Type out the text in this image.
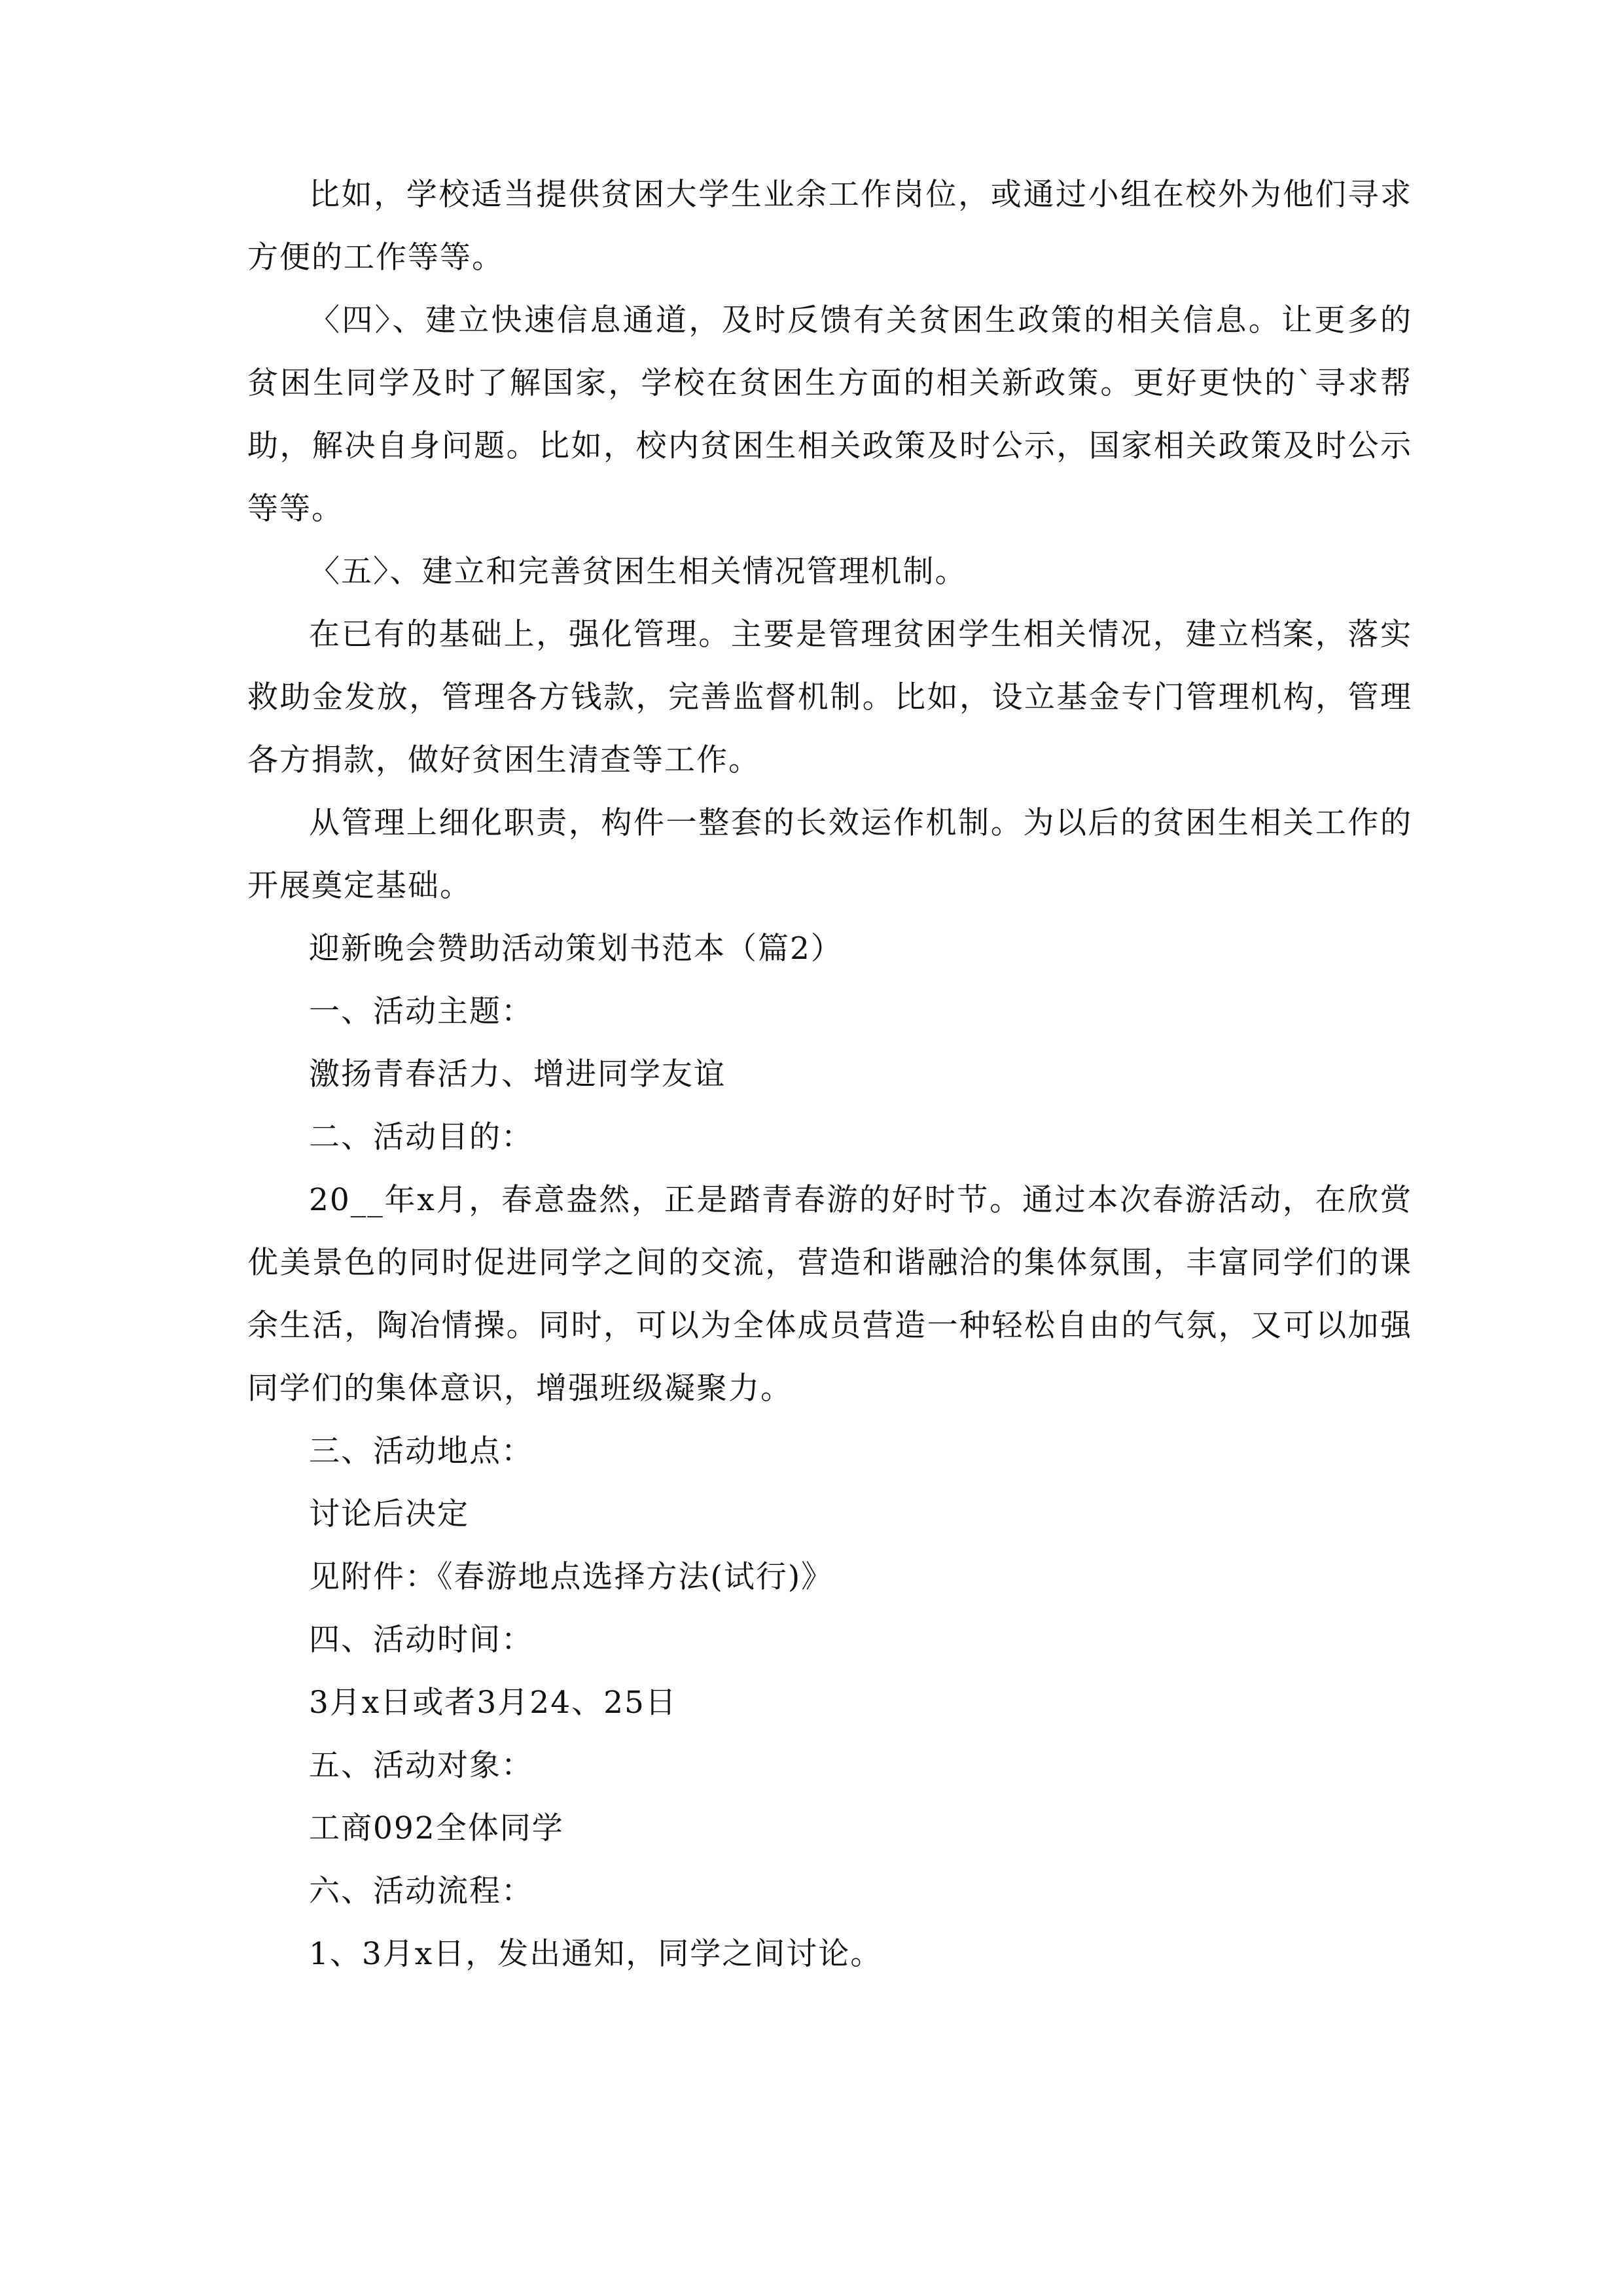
比如，学校适当提供贫困大学生业余工作岗位，或通过小组在校外为他们寻求方便的工作等等。

〈四〉、建立快速信息通道，及时反馈有关贫困生政策的相关信息。让更多的贫困生同学及时了解国家，学校在贫困生方面的相关新政策。更好更快的`寻求帮助，解决自身问题。比如，校内贫困生相关政策及时公示，国家相关政策及时公示等等。

〈五〉、建立和完善贫困生相关情况管理机制。

在已有的基础上，强化管理。主要是管理贫困学生相关情况，建立档案，落实救助金发放，管理各方钱款，完善监督机制。比如，设立基金专门管理机构，管理各方捐款，做好贫困生清查等工作。

从管理上细化职责，构件一整套的长效运作机制。为以后的贫困生相关工作的开展奠定基础。

迎新晚会赞助活动策划书范本（篇2）

一、活动主题：

激扬青春活力、增进同学友谊

二、活动目的：

20__年x月，春意盎然，正是踏青春游的好时节。通过本次春游活动，在欣赏优美景色的同时促进同学之间的交流，营造和谐融洽的集体氛围，丰富同学们的课余生活，陶冶情操。同时，可以为全体成员营造一种轻松自由的气氛，又可以加强同学们的集体意识，增强班级凝聚力。

三、活动地点：

讨论后决定

见附件：《春游地点选择方法(试行)》

四、活动时间：

3月x日或者3月24、25日

五、活动对象：

工商092全体同学

六、活动流程：

1、3月x日，发出通知，同学之间讨论。
